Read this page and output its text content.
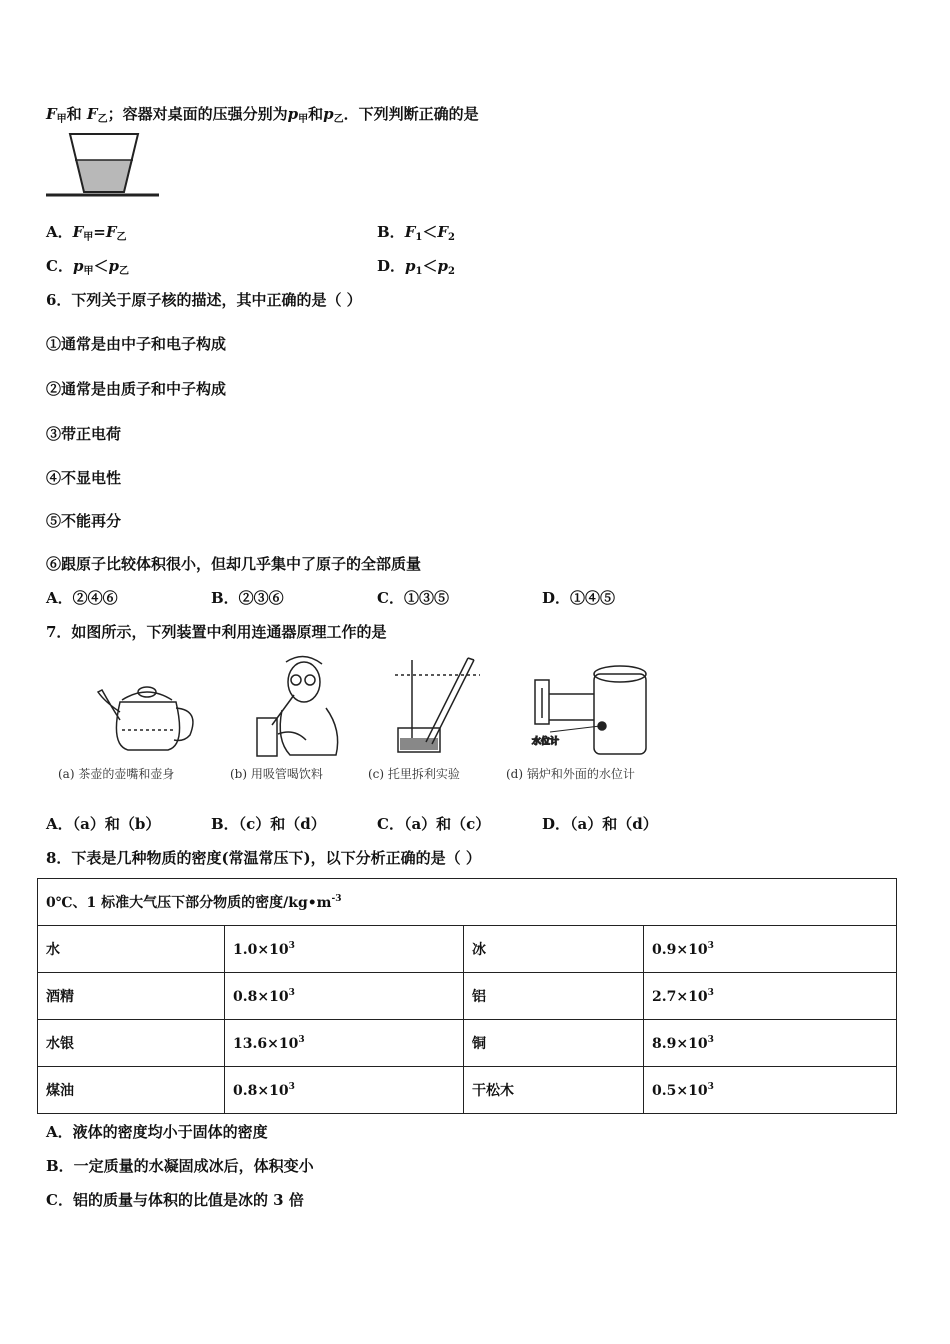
$F_甲$和 $F_乙$；容器对桌面的压强分别为$p_甲$和$p_乙$．下列判断正确的是
A．$F_甲=F_乙$	B．$F_1<F_2$
C．$p_甲<p_乙$	D．$p_1<p_2$
6．下列关于原子核的描述，其中正确的是（ ）
①通常是由中子和电子构成
②通常是由质子和中子构成
③带正电荷
④不显电性
⑤不能再分
⑥跟原子比较体积很小，但却几乎集中了原子的全部质量
A．②④⑥	B．②③⑥	C．①③⑤	D．①④⑤
7．如图所示，下列装置中利用连通器原理工作的是
水位计
(a) 茶壶的壶嘴和壶身	(b) 用吸管喝饮料	(c) 托里拆利实验	(d) 锅炉和外面的水位计
A．（a）和（b）	B．（c）和（d）	C．（a）和（c）	D．（a）和（d）
8．下表是几种物质的密度(常温常压下)，以下分析正确的是（ ）
0℃、1 标准大气压下部分物质的密度$/kg•m^{-3}$
水	$1.0\times 10^3$	冰	$0.9\times 10^3$
酒精	$0.8\times 10^3$	铝	$2.7\times 10^3$
水银	$13.6\times 10^3$	铜	$8.9\times 10^3$
煤油	$0.8\times 10^3$	干松木	$0.5\times 10^3$
A．液体的密度均小于固体的密度
B．一定质量的水凝固成冰后，体积变小
C．铝的质量与体积的比值是冰的 3 倍
